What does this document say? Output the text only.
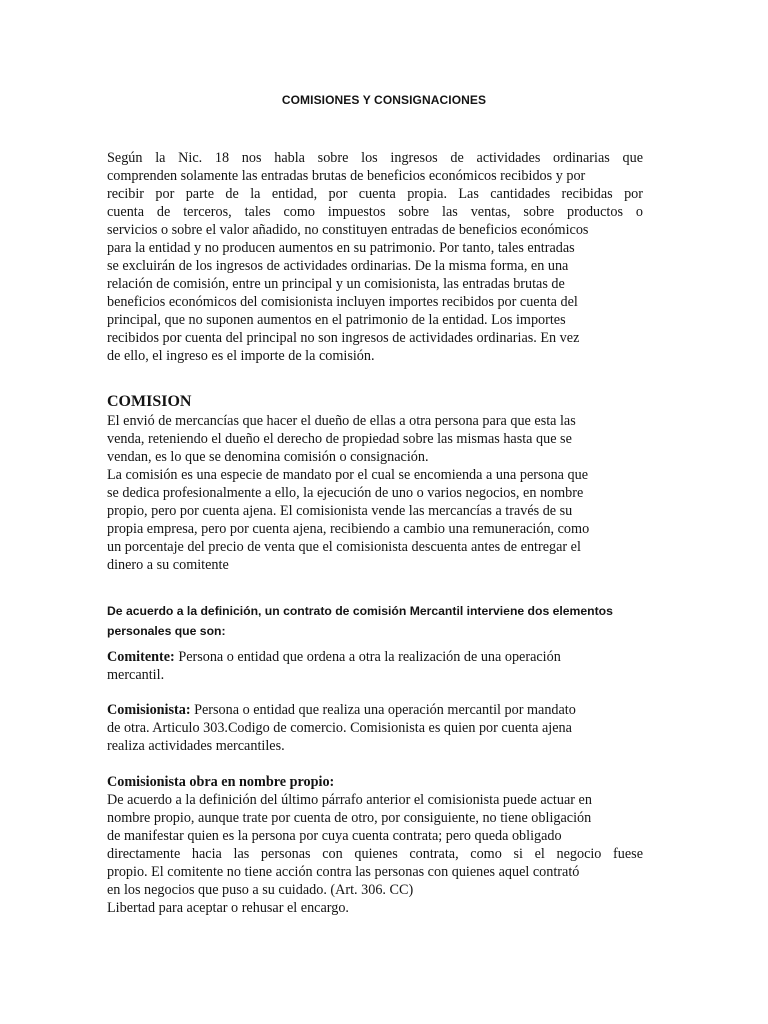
COMISIONES Y CONSIGNACIONES
Según la Nic. 18 nos habla sobre los ingresos de actividades ordinarias que
comprenden solamente las entradas brutas de beneficios económicos recibidos y por
recibir por parte de la entidad, por cuenta propia. Las cantidades recibidas por
cuenta de terceros, tales como impuestos sobre las ventas, sobre productos o
servicios o sobre el valor añadido, no constituyen entradas de beneficios económicos
para la entidad y no producen aumentos en su patrimonio. Por tanto, tales entradas
se excluirán de los ingresos de actividades ordinarias. De la misma forma, en una
relación de comisión, entre un principal y un comisionista, las entradas brutas de
beneficios económicos del comisionista incluyen importes recibidos por cuenta del
principal, que no suponen aumentos en el patrimonio de la entidad. Los importes
recibidos por cuenta del principal no son ingresos de actividades ordinarias. En vez
de ello, el ingreso es el importe de la comisión.
COMISION
El envió de mercancías que hacer el dueño de ellas a otra persona para que esta las
venda, reteniendo el dueño el derecho de propiedad sobre las mismas hasta que se
vendan, es lo que se denomina comisión o consignación.
La comisión es una especie de mandato por el cual se encomienda a una persona que
se dedica profesionalmente a ello, la ejecución de uno o varios negocios, en nombre
propio, pero por cuenta ajena. El comisionista vende las mercancías a través de su
propia empresa, pero por cuenta ajena, recibiendo a cambio una remuneración, como
un porcentaje del precio de venta que el comisionista descuenta antes de entregar el
dinero a su comitente
De acuerdo a la definición, un contrato de comisión Mercantil interviene dos elementos
personales que son:
Comitente: Persona o entidad que ordena a otra la realización de una operación
mercantil.
Comisionista: Persona o entidad que realiza una operación mercantil por mandato
de otra. Articulo 303.Codigo de comercio. Comisionista es quien por cuenta ajena
realiza actividades mercantiles.
Comisionista obra en nombre propio:
De acuerdo a la definición del último párrafo anterior el comisionista puede actuar en
nombre propio, aunque trate por cuenta de otro, por consiguiente, no tiene obligación
de manifestar quien es la persona por cuya cuenta contrata; pero queda obligado
directamente hacia las personas con quienes contrata, como si el negocio fuese
propio. El comitente no tiene acción contra las personas con quienes aquel contrató
en los negocios que puso a su cuidado. (Art. 306. CC)
Libertad para aceptar o rehusar el encargo.
